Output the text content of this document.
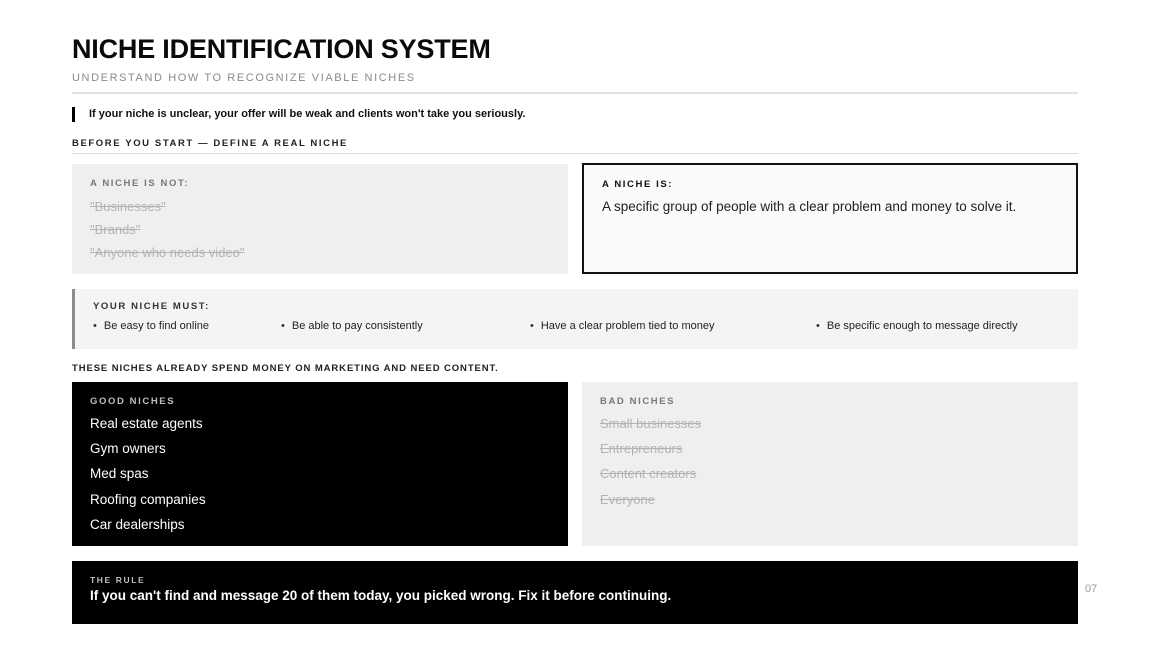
NICHE IDENTIFICATION SYSTEM
UNDERSTAND HOW TO RECOGNIZE VIABLE NICHES
If your niche is unclear, your offer will be weak and clients won't take you seriously.
BEFORE YOU START — DEFINE A REAL NICHE
A NICHE IS NOT:
"Businesses"
"Brands"
"Anyone who needs video"
A NICHE IS:
A specific group of people with a clear problem and money to solve it.
YOUR NICHE MUST:
• Be easy to find online	• Be able to pay consistently	• Have a clear problem tied to money	• Be specific enough to message directly
THESE NICHES ALREADY SPEND MONEY ON MARKETING AND NEED CONTENT.
GOOD NICHES
Real estate agents
Gym owners
Med spas
Roofing companies
Car dealerships
BAD NICHES
Small businesses
Entrepreneurs
Content creators
Everyone
THE RULE
If you can't find and message 20 of them today, you picked wrong. Fix it before continuing.	07
